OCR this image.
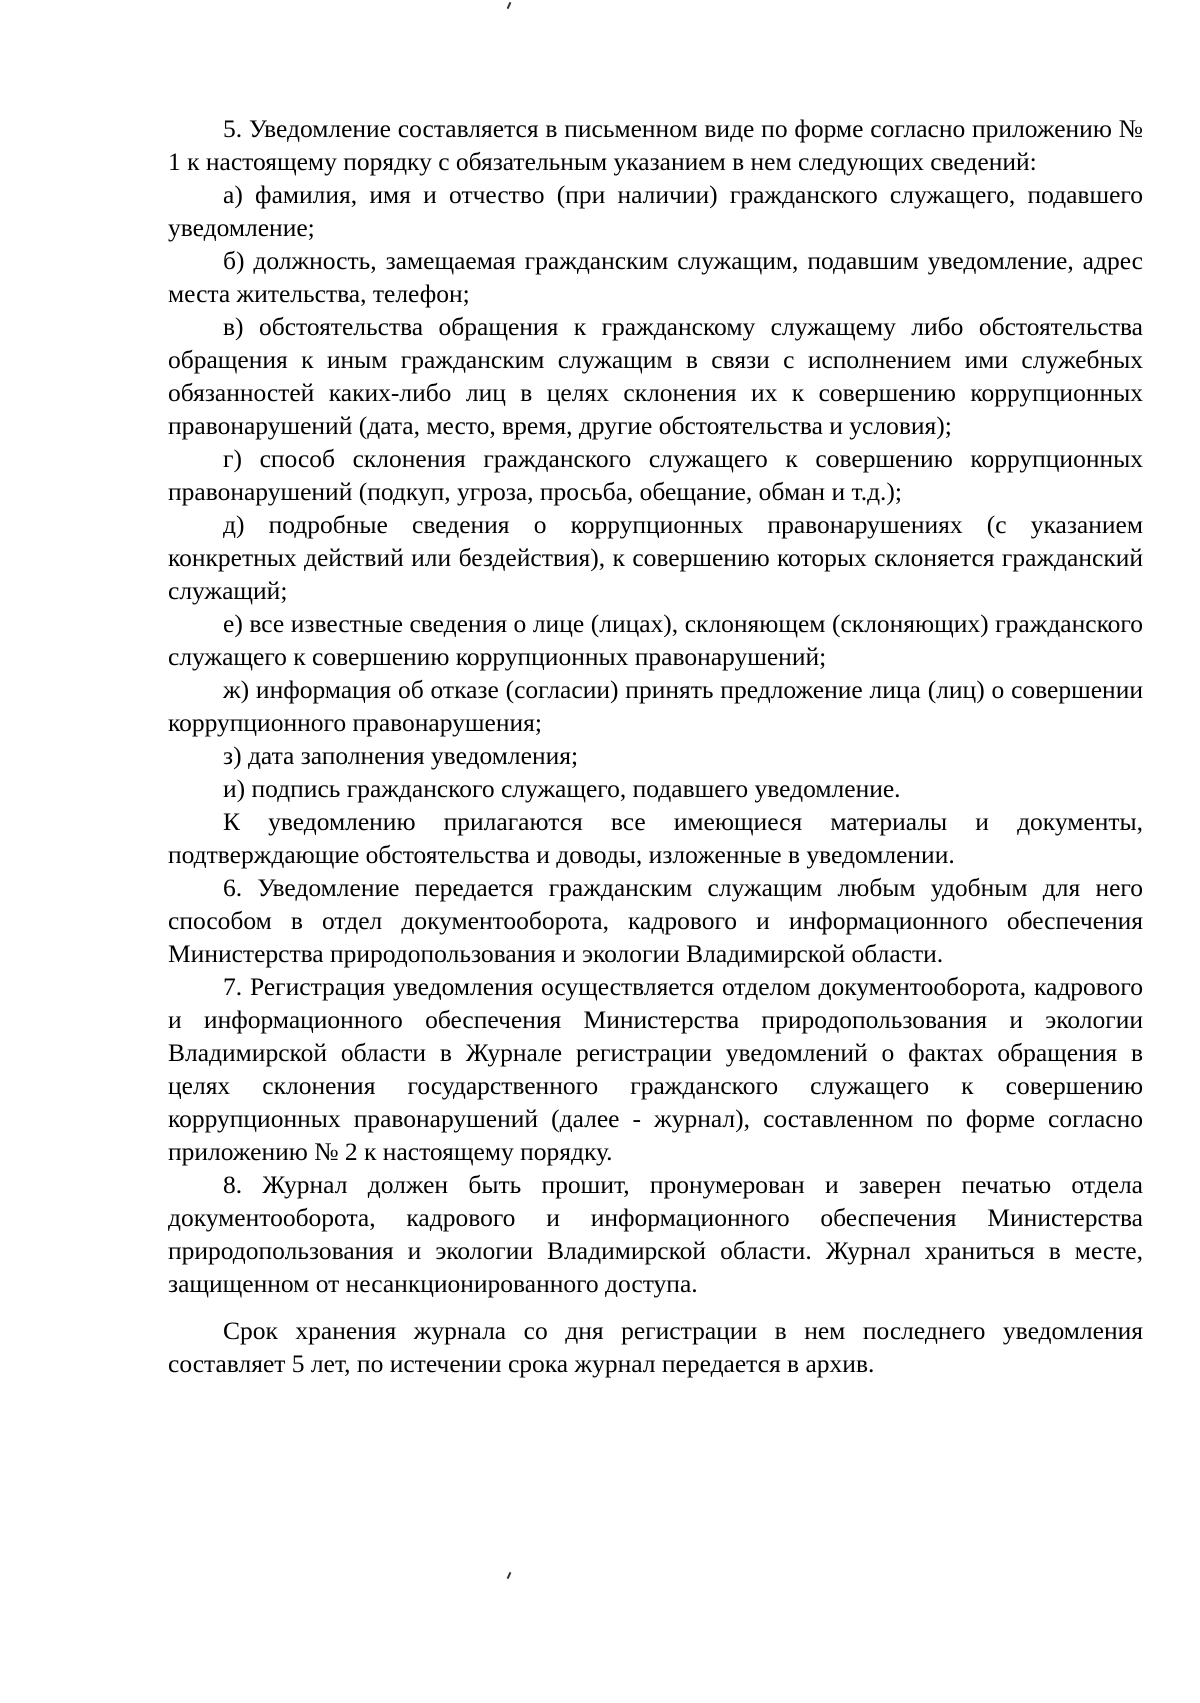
5. Уведомление составляется в письменном виде по форме согласно приложению № 1 к настоящему порядку с обязательным указанием в нем следующих сведений:

а) фамилия, имя и отчество (при наличии) гражданского служащего, подавшего уведомление;

б) должность, замещаемая гражданским служащим, подавшим уведомление, адрес места жительства, телефон;

в) обстоятельства обращения к гражданскому служащему либо обстоятельства обращения к иным гражданским служащим в связи с исполнением ими служебных обязанностей каких-либо лиц в целях склонения их к совершению коррупционных правонарушений (дата, место, время, другие обстоятельства и условия);

г) способ склонения гражданского служащего к совершению коррупционных правонарушений (подкуп, угроза, просьба, обещание, обман и т.д.);

д) подробные сведения о коррупционных правонарушениях (с указанием конкретных действий или бездействия), к совершению которых склоняется гражданский служащий;

е) все известные сведения о лице (лицах), склоняющем (склоняющих) гражданского служащего к совершению коррупционных правонарушений;

ж) информация об отказе (согласии) принять предложение лица (лиц) о совершении коррупционного правонарушения;

з) дата заполнения уведомления;

и) подпись гражданского служащего, подавшего уведомление.

К уведомлению прилагаются все имеющиеся материалы и документы, подтверждающие обстоятельства и доводы, изложенные в уведомлении.

6. Уведомление передается гражданским служащим любым удобным для него способом в отдел документооборота, кадрового и информационного обеспечения Министерства природопользования и экологии Владимирской области.

7. Регистрация уведомления осуществляется отделом документооборота, кадрового и информационного обеспечения Министерства природопользования и экологии Владимирской области в Журнале регистрации уведомлений о фактах обращения в целях склонения государственного гражданского служащего к совершению коррупционных правонарушений (далее - журнал), составленном по форме согласно приложению № 2 к настоящему порядку.

8. Журнал должен быть прошит, пронумерован и заверен печатью отдела документооборота, кадрового и информационного обеспечения Министерства природопользования и экологии Владимирской области. Журнал храниться в месте, защищенном от несанкционированного доступа.

Срок хранения журнала со дня регистрации в нем последнего уведомления составляет 5 лет, по истечении срока журнал передается в архив.
